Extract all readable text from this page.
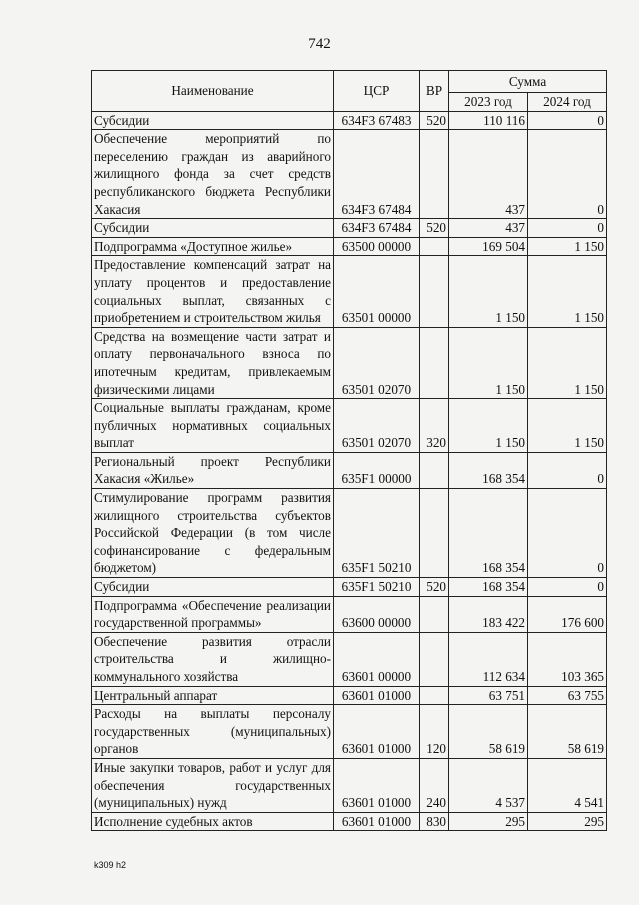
742
Наименование	ЦСР	ВР	Сумма	
			2023 год	2024 год
Субсидии	634F3 67483	520	110 116	0
Обеспечение мероприятий по переселению граждан из аварийного жилищного фонда за счет средств республиканского бюджета Республики Хакасия	634F3 67484		437	0
Субсидии	634F3 67484	520	437	0
Подпрограмма «Доступное жилье»	63500 00000		169 504	1 150
Предоставление компенсаций затрат на уплату процентов и предоставление социальных выплат, связанных с приобретением и строительством жилья	63501 00000		1 150	1 150
Средства на возмещение части затрат и оплату первоначального взноса по ипотечным кредитам, привлекаемым физическими лицами	63501 02070		1 150	1 150
Социальные выплаты гражданам, кроме публичных нормативных социальных выплат	63501 02070	320	1 150	1 150
Региональный проект Республики Хакасия «Жилье»	635F1 00000		168 354	0
Стимулирование программ развития жилищного строительства субъектов Российской Федерации (в том числе софинансирование с федеральным бюджетом)	635F1 50210		168 354	0
Субсидии	635F1 50210	520	168 354	0
Подпрограмма «Обеспечение реализации государственной программы»	63600 00000		183 422	176 600
Обеспечение развития отрасли строительства и жилищно-коммунального хозяйства	63601 00000		112 634	103 365
Центральный аппарат	63601 01000		63 751	63 755
Расходы на выплаты персоналу государственных (муниципальных) органов	63601 01000	120	58 619	58 619
Иные закупки товаров, работ и услуг для обеспечения государственных (муниципальных) нужд	63601 01000	240	4 537	4 541
Исполнение судебных актов	63601 01000	830	295	295
k309 h2
